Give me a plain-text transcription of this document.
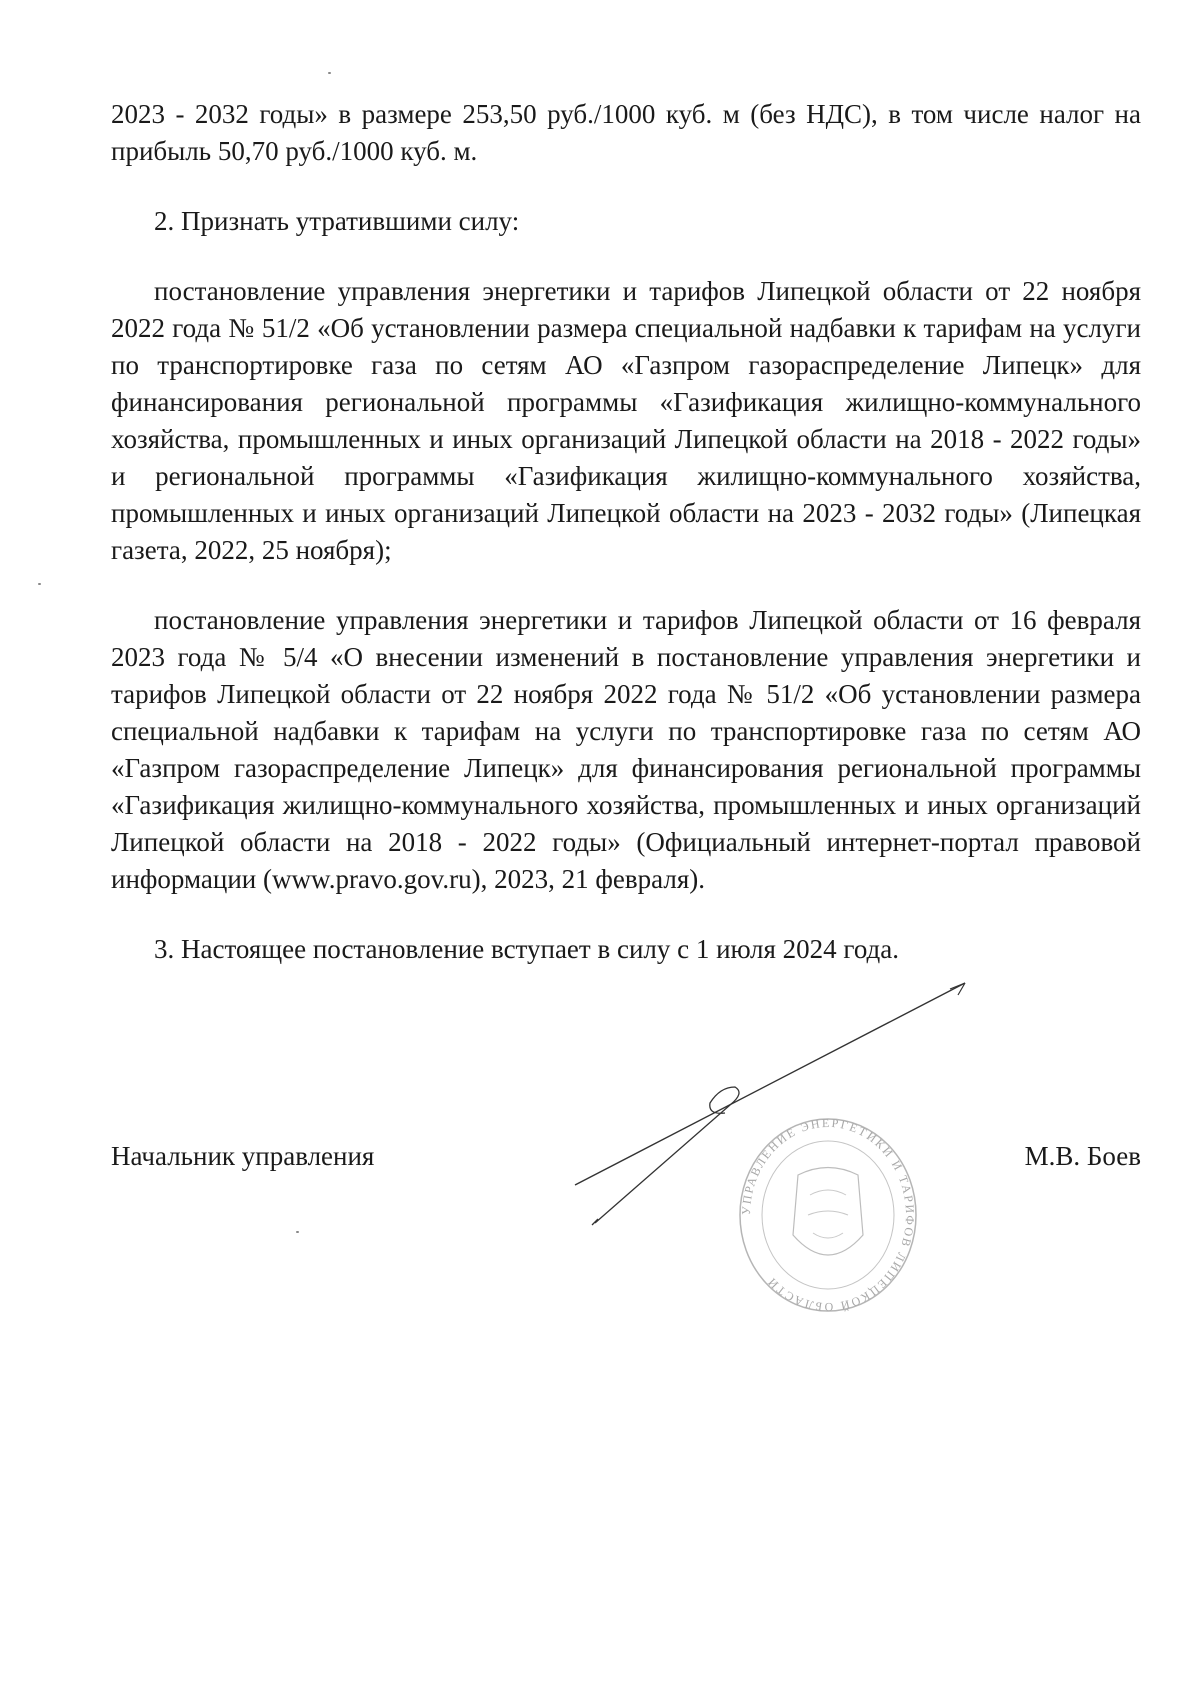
2023 - 2032 годы» в размере 253,50 руб./1000 куб. м (без НДС), в том числе налог на прибыль 50,70 руб./1000 куб. м.

2. Признать утратившими силу:

постановление управления энергетики и тарифов Липецкой области от 22 ноября 2022 года № 51/2 «Об установлении размера специальной надбавки к тарифам на услуги по транспортировке газа по сетям АО «Газпром газораспределение Липецк» для финансирования региональной программы «Газификация жилищно-коммунального хозяйства, промышленных и иных организаций Липецкой области на 2018 - 2022 годы» и региональной программы «Газификация жилищно-коммунального хозяйства, промышленных и иных организаций Липецкой области на 2023 - 2032 годы» (Липецкая газета, 2022, 25 ноября);

постановление управления энергетики и тарифов Липецкой области от 16 февраля 2023 года № 5/4 «О внесении изменений в постановление управления энергетики и тарифов Липецкой области от 22 ноября 2022 года № 51/2 «Об установлении размера специальной надбавки к тарифам на услуги по транспортировке газа по сетям АО «Газпром газораспределение Липецк» для финансирования региональной программы «Газификация жилищно-коммунального хозяйства, промышленных и иных организаций Липецкой области на 2018 - 2022 годы» (Официальный интернет-портал правовой информации (www.pravo.gov.ru), 2023, 21 февраля).

3. Настоящее постановление вступает в силу с 1 июля 2024 года.

УПРАВЛЕНИЕ ЭНЕРГЕТИКИ И ТАРИФОВ ЛИПЕЦКОЙ ОБЛАСТИ
Начальник управления	М.В. Боев
